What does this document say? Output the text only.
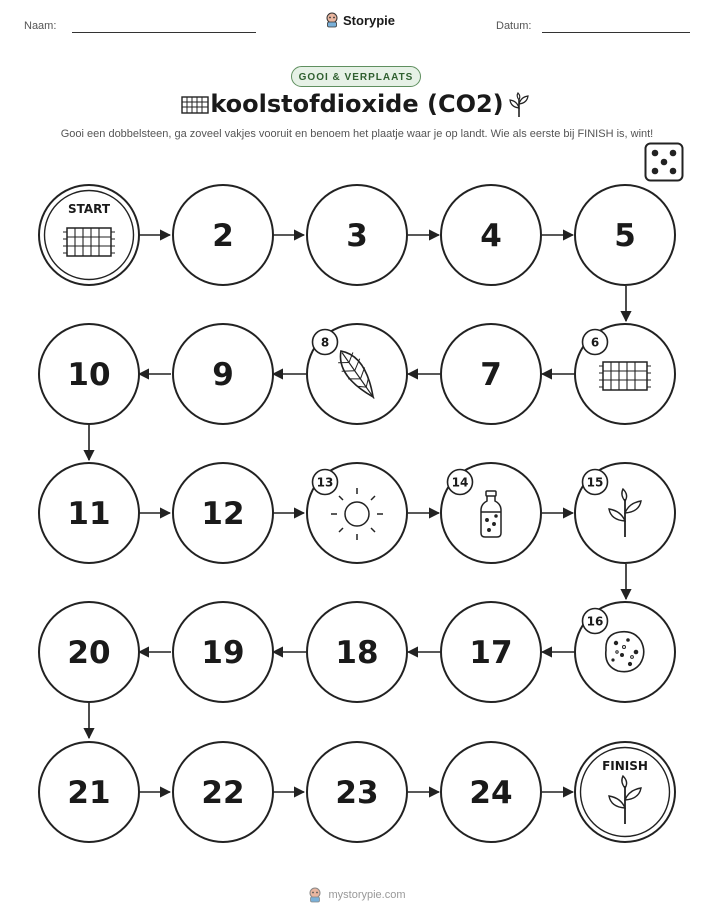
Naam:	Storypie	Datum:
GOOI & VERPLAATS
koolstofdioxide (CO2)
Gooi een dobbelsteen, ga zoveel vakjes vooruit en benoem het plaatje waar je op landt. Wie als eerste bij FINISH is, wint!
START
2	3	4	5
10	9
8
7
6
11	12
13	14	15
20	19	18	17
16
21	22	23	24
FINISH
mystorypie.com
